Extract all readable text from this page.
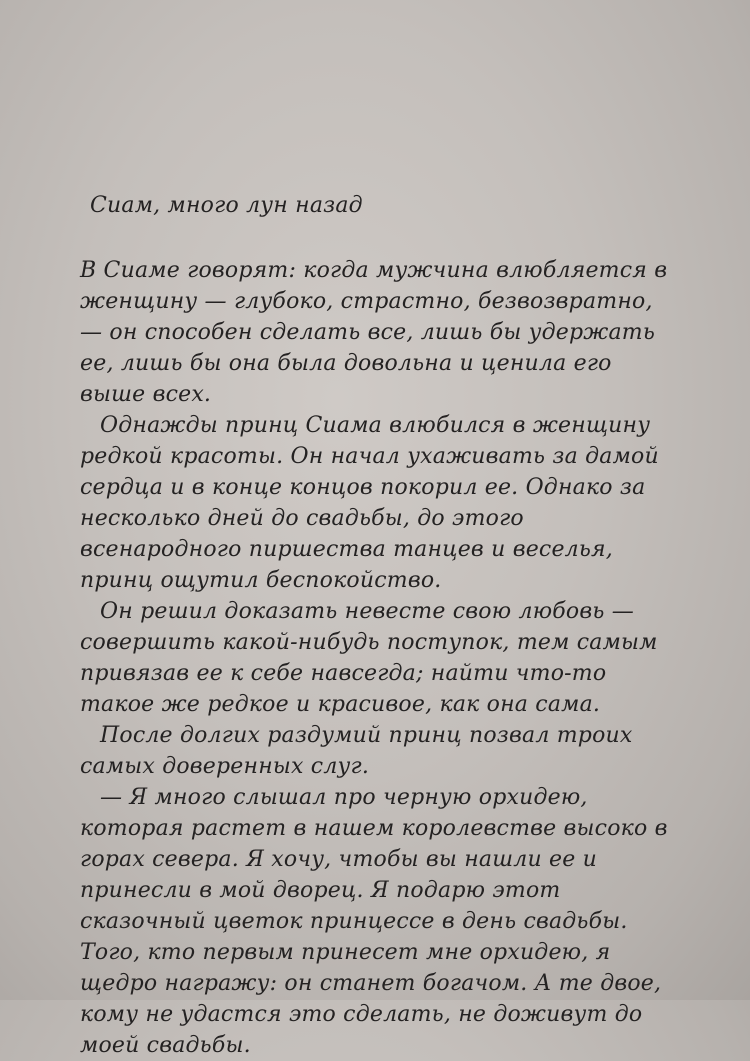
Сиам, много лун назад

В Сиаме говорят: когда мужчина влюбляется в женщину — глубоко, страстно, безвозвратно, — он способен сделать все, лишь бы удержать ее, лишь бы она была довольна и ценила его выше всех.

Однажды принц Сиама влюбился в женщину редкой красоты. Он начал ухаживать за дамой сердца и в конце концов покорил ее. Однако за несколько дней до свадьбы, до этого всенародного пиршества танцев и веселья, принц ощутил беспокойство.

Он решил доказать невесте свою любовь — совершить какой-нибудь поступок, тем самым привязав ее к себе навсегда; найти что-то такое же редкое и красивое, как она сама.

После долгих раздумий принц позвал троих самых доверенных слуг.

— Я много слышал про черную орхидею, которая растет в нашем королевстве высоко в горах севера. Я хочу, чтобы вы нашли ее и принесли в мой дворец. Я подарю этот сказочный цветок принцессе в день свадьбы. Того, кто первым принесет мне орхидею, я щедро награжу: он станет богачом. А те двое, кому не удастся это сделать, не доживут до моей свадьбы.
